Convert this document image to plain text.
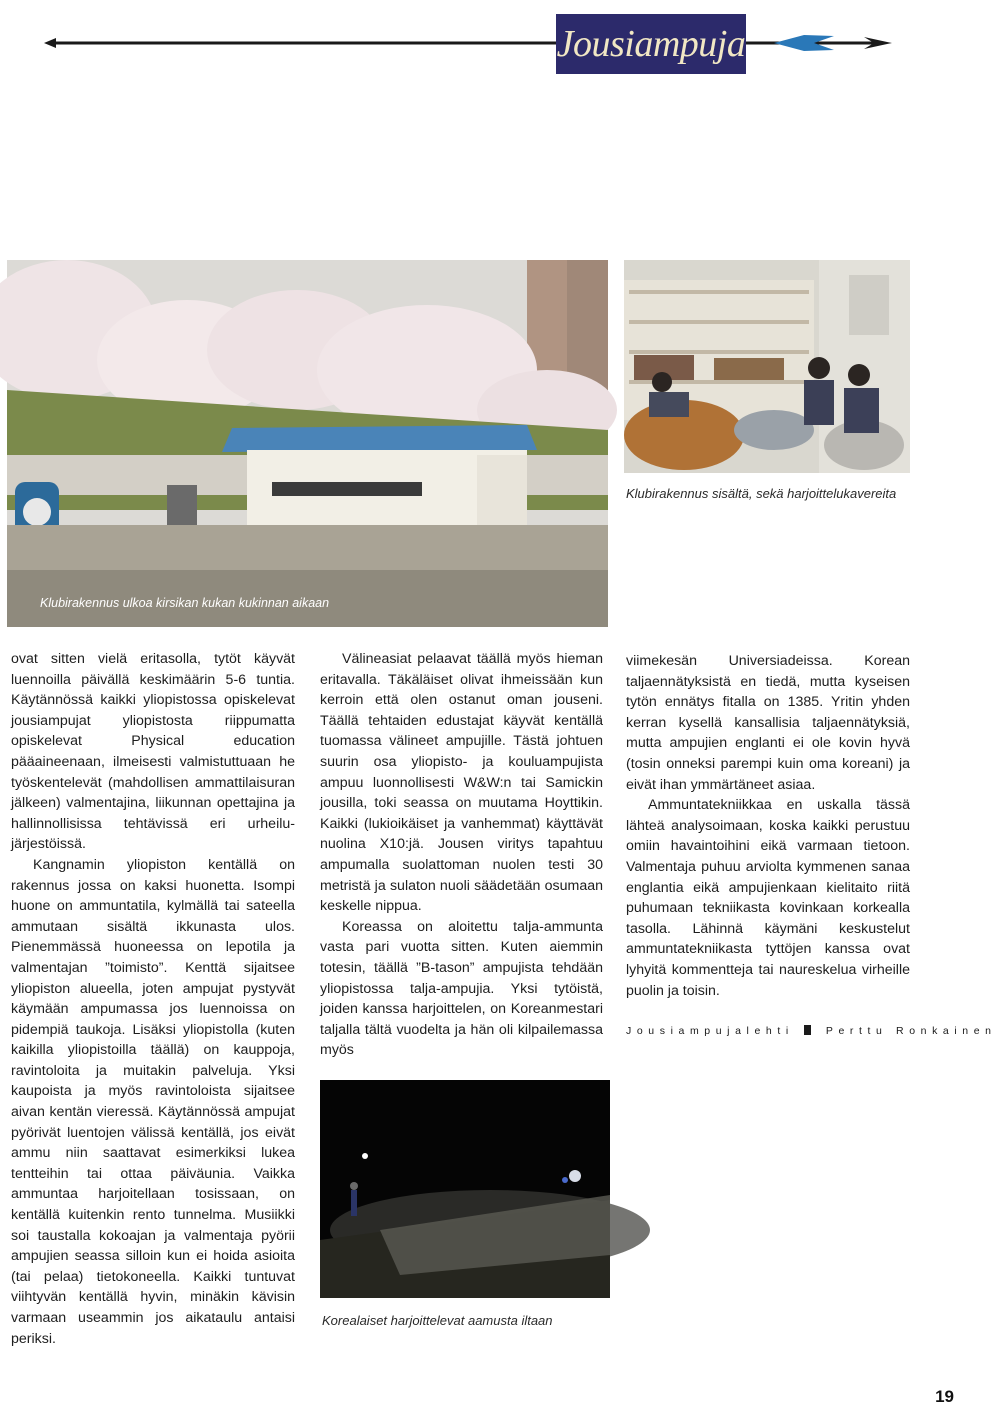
Jousiampuja
Klubirakennus ulkoa kirsikan kukan kukinnan aikaan
Klubirakennus sisältä, sekä harjoittelukavereita

ovat sitten vielä eritasolla, tytöt käyvät luennoilla päivällä keskimäärin 5-6 tuntia. Käytännössä kaikki yliopistossa opiskelevat jousiampujat yliopistosta riippumatta opiskelevat Physical education pääaineenaan, ilmeisesti valmistuttuaan he työskentelevät (mahdollisen ammattilaisuran jälkeen) valmentajina, liikunnan opettajina ja hallinnollisissa tehtävissä eri urheilu-järjestöissä.

Kangnamin yliopiston kentällä on rakennus jossa on kaksi huonetta. Isompi huone on ammuntatila, kylmällä tai sateella ammutaan sisältä ikkunasta ulos. Pienemmässä huoneessa on lepotila ja valmentajan ”toimisto”. Kenttä sijaitsee yliopiston alueella, joten ampujat pystyvät käymään ampumassa jos luennoissa on pidempiä taukoja. Lisäksi yliopistolla (kuten kaikilla yliopistoilla täällä) on kauppoja, ravintoloita ja muitakin palveluja. Yksi kaupoista ja myös ravintoloista sijaitsee aivan kentän vieressä. Käytännössä ampujat pyörivät luentojen välissä kentällä, jos eivät ammu niin saattavat esimerkiksi lukea tentteihin tai ottaa päiväunia. Vaikka ammuntaa harjoitellaan tosissaan, on kentällä kuitenkin rento tunnelma. Musiikki soi taustalla kokoajan ja valmentaja pyörii ampujien seassa silloin kun ei hoida asioita (tai pelaa) tietokoneella. Kaikki tuntuvat viihtyvän kentällä hyvin, minäkin kävisin varmaan useammin jos aikataulu antaisi periksi.

Välineasiat pelaavat täällä myös hieman eritavalla. Täkäläiset olivat ihmeissään kun kerroin että olen ostanut oman jouseni. Täällä tehtaiden edustajat käyvät kentällä tuomassa välineet ampujille. Tästä johtuen suurin osa yliopisto- ja kouluampujista ampuu luonnollisesti W&W:n tai Samickin jousilla, toki seassa on muutama Hoyttikin. Kaikki (lukioikäiset ja vanhemmat) käyttävät nuolina X10:jä. Jousen viritys tapahtuu ampumalla suolattoman nuolen testi 30 metristä ja sulaton nuoli säädetään osumaan keskelle nippua.

Koreassa on aloitettu talja-ammunta vasta pari vuotta sitten. Kuten aiemmin totesin, täällä ”B-tason” ampujista tehdään yliopistossa talja-ampujia. Yksi tytöistä, joiden kanssa harjoittelen, on Koreanmestari taljalla tältä vuodelta ja hän oli kilpailemassa myös

viimekesän Universiadeissa. Korean taljaennätyksistä en tiedä, mutta kyseisen tytön ennätys fitalla on 1385. Yritin yhden kerran kysellä kansallisia taljaennätyksiä, mutta ampujien englanti ei ole kovin hyvä (tosin onneksi parempi kuin oma koreani) ja eivät ihan ymmärtäneet asiaa.

Ammuntatekniikkaa en uskalla tässä lähteä analysoimaan, koska kaikki perustuu omiin havaintoihini eikä varmaan tietoon. Valmentaja puhuu arviolta kymmenen sanaa englantia eikä ampujienkaan kielitaito riitä puhumaan tekniikasta kovinkaan korkealla tasolla. Lähinnä käymäni keskustelut ammuntatekniikasta tyttöjen kanssa ovat lyhyitä kommentteja tai naureskelua virheille puolin ja toisin.

Jousiampujalehti	Perttu Ronkainen
Korealaiset harjoittelevat aamusta iltaan
19
